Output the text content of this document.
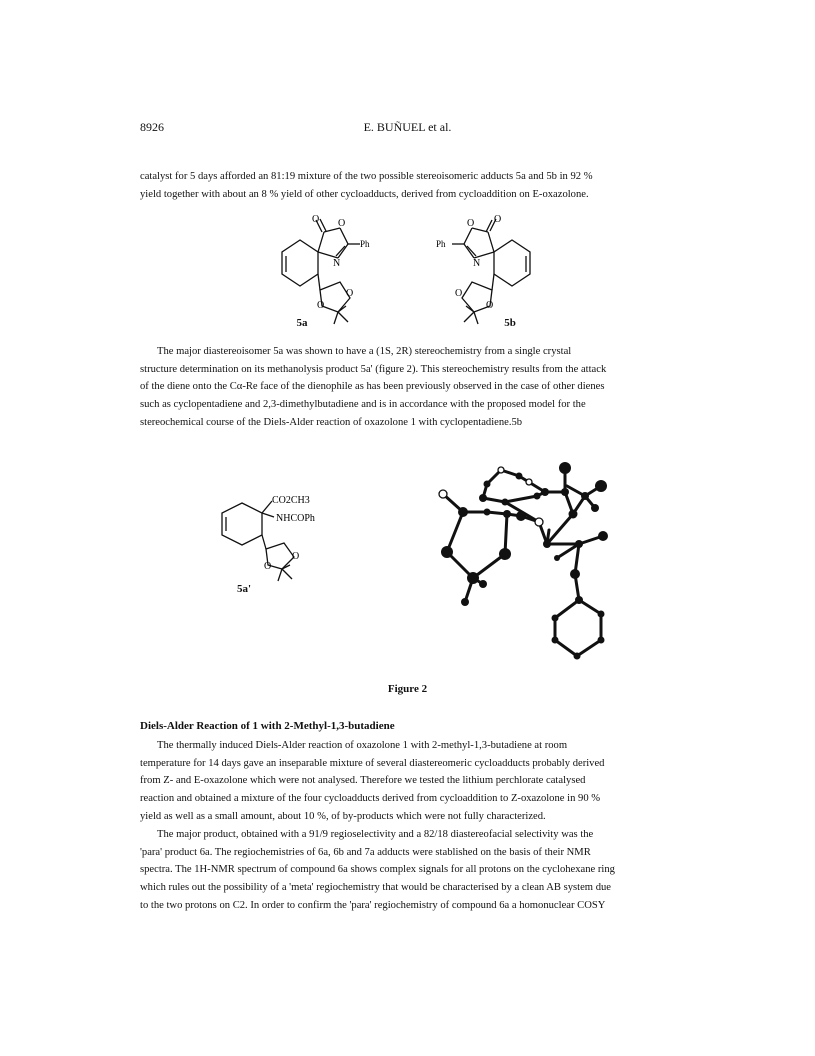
8926	E. BUÑUEL et al.

catalyst for 5 days afforded an 81:19 mixture of the two possible stereoisomeric adducts 5a and 5b in 92 %

yield together with about an 8 % yield of other cycloadducts, derived from cycloaddition on E-oxazolone.

O O
N
Ph
O
O
O
O
N
Ph
O
O
5a	5b

The major diastereoisomer 5a was shown to have a (1S, 2R) stereochemistry from a single crystal

structure determination on its methanolysis product 5a' (figure 2). This stereochemistry results from the attack

of the diene onto the Cα-Re face of the dienophile as has been previously observed in the case of other dienes

such as cyclopentadiene and 2,3-dimethylbutadiene and is in accordance with the proposed model for the

stereochemical course of the Diels-Alder reaction of oxazolone 1 with cyclopentadiene.5b

CO2CH3
NHCOPh
O
O
5a'
Figure 2
Diels-Alder Reaction of 1 with 2-Methyl-1,3-butadiene

The thermally induced Diels-Alder reaction of oxazolone 1 with 2-methyl-1,3-butadiene at room

temperature for 14 days gave an inseparable mixture of several diastereomeric cycloadducts probably derived

from Z- and E-oxazolone which were not analysed. Therefore we tested the lithium perchlorate catalysed

reaction and obtained a mixture of the four cycloadducts derived from cycloaddition to Z-oxazolone in 90 %

yield as well as a small amount, about 10 %, of by-products which were not fully characterized.

The major product, obtained with a 91/9 regioselectivity and a 82/18 diastereofacial selectivity was the

'para' product 6a. The regiochemistries of 6a, 6b and 7a adducts were stablished on the basis of their NMR

spectra. The 1H-NMR spectrum of compound 6a shows complex signals for all protons on the cyclohexane ring

which rules out the possibility of a 'meta' regiochemistry that would be characterised by a clean AB system due

to the two protons on C2. In order to confirm the 'para' regiochemistry of compound 6a a homonuclear COSY
